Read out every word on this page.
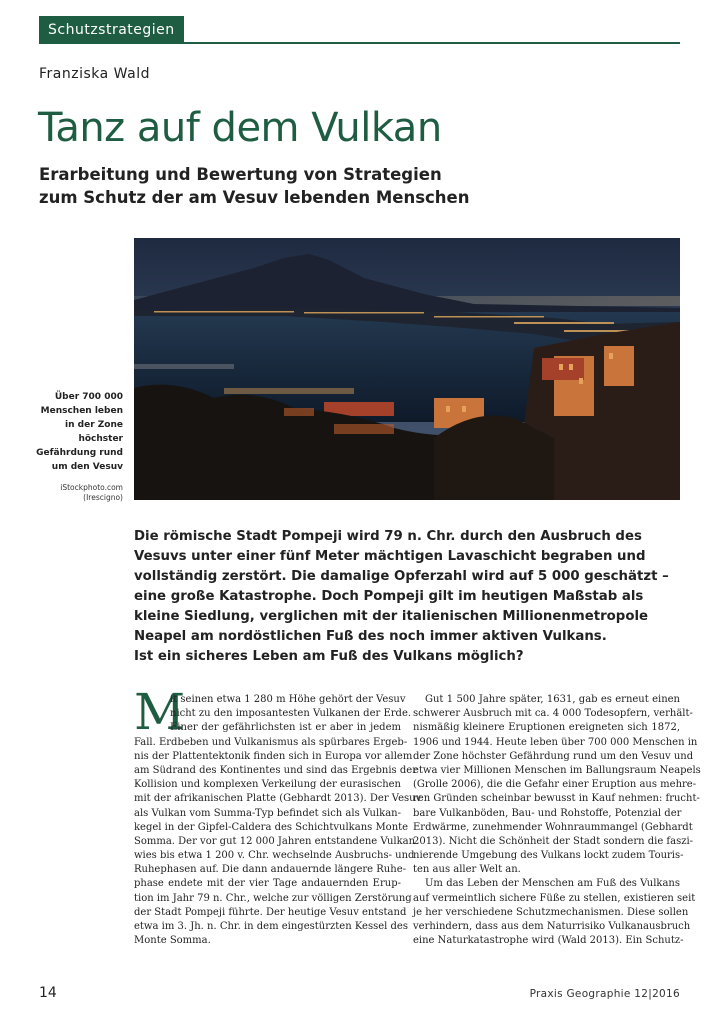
Schutzstrategien
Franziska Wald
Tanz auf dem Vulkan
Erarbeitung und Bewertung von Strategien
zum Schutz der am Vesuv lebenden Menschen
Über 700 000 Menschen leben in der Zone höchster Gefährdung rund um den Vesuv
iStockphoto.com
(Irescigno)
Die römische Stadt Pompeji wird 79 n. Chr. durch den Ausbruch des
Vesuvs unter einer fünf Meter mächtigen Lavaschicht begraben und
vollständig zerstört. Die damalige Opferzahl wird auf 5 000 geschätzt –
eine große Katastrophe. Doch Pompeji gilt im heutigen Maßstab als
kleine Siedlung, verglichen mit der italienischen Millionenmetropole
Neapel am nordöstlichen Fuß des noch immer aktiven Vulkans.
Ist ein sicheres Leben am Fuß des Vulkans möglich?
M
it seinen etwa 1 280 m Höhe gehört der Vesuv
nicht zu den imposantesten Vulkanen der Erde.
Einer der gefährlichsten ist er aber in jedem
Fall. Erdbeben und Vulkanismus als spürbares Ergeb-
nis der Plattentektonik finden sich in Europa vor allem
am Südrand des Kontinentes und sind das Ergebnis der
Kollision und komplexen Verkeilung der eurasischen
mit der afrikanischen Platte (Gebhardt 2013). Der Vesuv
als Vulkan vom Summa-Typ befindet sich als Vulkan-
kegel in der Gipfel-Caldera des Schichtvulkans Monte
Somma. Der vor gut 12 000 Jahren entstandene Vulkan
wies bis etwa 1 200 v. Chr. wechselnde Ausbruchs- und
Ruhephasen auf. Die dann andauernde längere Ruhe-
phase endete mit der vier Tage andauernden Erup-
tion im Jahr 79 n. Chr., welche zur völligen Zerstörung
der Stadt Pompeji führte. Der heutige Vesuv entstand
etwa im 3. Jh. n. Chr. in dem eingestürzten Kessel des
Monte Somma.
Gut 1 500 Jahre später, 1631, gab es erneut einen
schwerer Ausbruch mit ca. 4 000 Todesopfern, verhält-
nismäßig kleinere Eruptionen ereigneten sich 1872,
1906 und 1944. Heute leben über 700 000 Menschen in
der Zone höchster Gefährdung rund um den Vesuv und
etwa vier Millionen Menschen im Ballungsraum Neapels
(Grolle 2006), die die Gefahr einer Eruption aus mehre-
ren Gründen scheinbar bewusst in Kauf nehmen: frucht-
bare Vulkanböden, Bau- und Rohstoffe, Potenzial der
Erdwärme, zunehmender Wohnraummangel (Gebhardt
2013). Nicht die Schönheit der Stadt sondern die faszi-
nierende Umgebung des Vulkans lockt zudem Touris-
ten aus aller Welt an.
Um das Leben der Menschen am Fuß des Vulkans
auf vermeintlich sichere Füße zu stellen, existieren seit
je her verschiedene Schutzmechanismen. Diese sollen
verhindern, dass aus dem Naturrisiko Vulkanausbruch
eine Naturkatastrophe wird (Wald 2013). Ein Schutz-
14	Praxis Geographie 12|2016
